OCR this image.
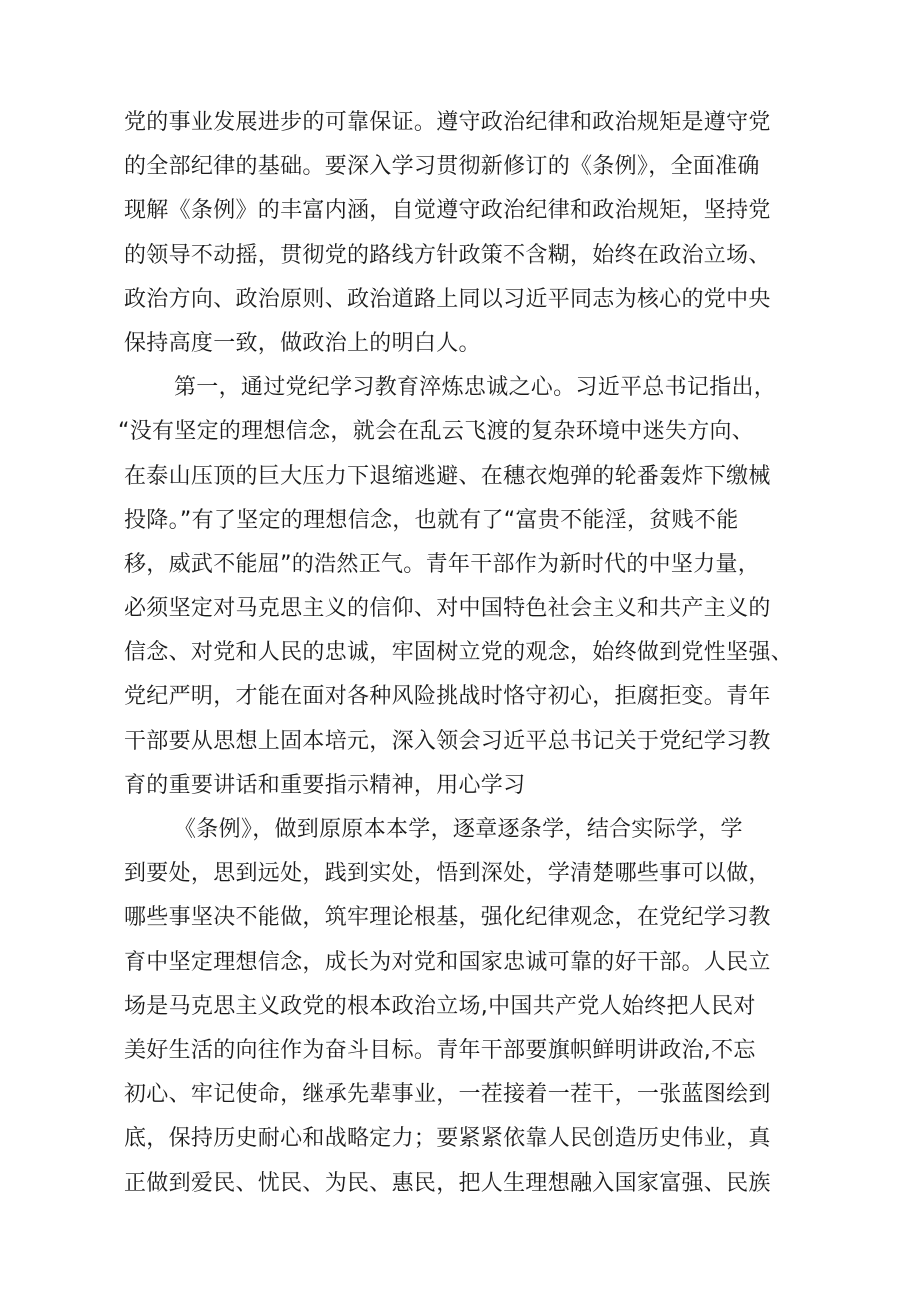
党的事业发展进步的可靠保证。遵守政治纪律和政治规矩是遵守党
的全部纪律的基础。要深入学习贯彻新修订的《条例》，全面准确
现解《条例》的丰富内涵，自觉遵守政治纪律和政治规矩，坚持党
的领导不动摇，贯彻党的路线方针政策不含糊，始终在政治立场、
政治方向、政治原则、政治道路上同以习近平同志为核心的党中央
保持高度一致，做政治上的明白人。
第一，通过党纪学习教育淬炼忠诚之心。习近平总书记指出，
“没有坚定的理想信念，就会在乱云飞渡的复杂环境中迷失方向、
在泰山压顶的巨大压力下退缩逃避、在穗衣炮弹的轮番轰炸下缴械
投降。”有了坚定的理想信念，也就有了“富贵不能淫，贫贱不能
移，威武不能屈”的浩然正气。青年干部作为新时代的中坚力量，
必须坚定对马克思主义的信仰、对中国特色社会主义和共产主义的
信念、对党和人民的忠诚，牢固树立党的观念，始终做到党性坚强、
党纪严明，才能在面对各种风险挑战时恪守初心，拒腐拒变。青年
干部要从思想上固本培元，深入领会习近平总书记关于党纪学习教
育的重要讲话和重要指示精神，用心学习
《条例》，做到原原本本学，逐章逐条学，结合实际学，学
到要处，思到远处，践到实处，悟到深处，学清楚哪些事可以做，
哪些事坚决不能做，筑牢理论根基，强化纪律观念，在党纪学习教
育中坚定理想信念，成长为对党和国家忠诚可靠的好干部。人民立
场是马克思主义政党的根本政治立场,中国共产党人始终把人民对
美好生活的向往作为奋斗目标。青年干部要旗帜鲜明讲政治,不忘
初心、牢记使命，继承先辈事业，一茬接着一茬干，一张蓝图绘到
底，保持历史耐心和战略定力；要紧紧依靠人民创造历史伟业，真
正做到爱民、忧民、为民、惠民，把人生理想融入国家富强、民族
